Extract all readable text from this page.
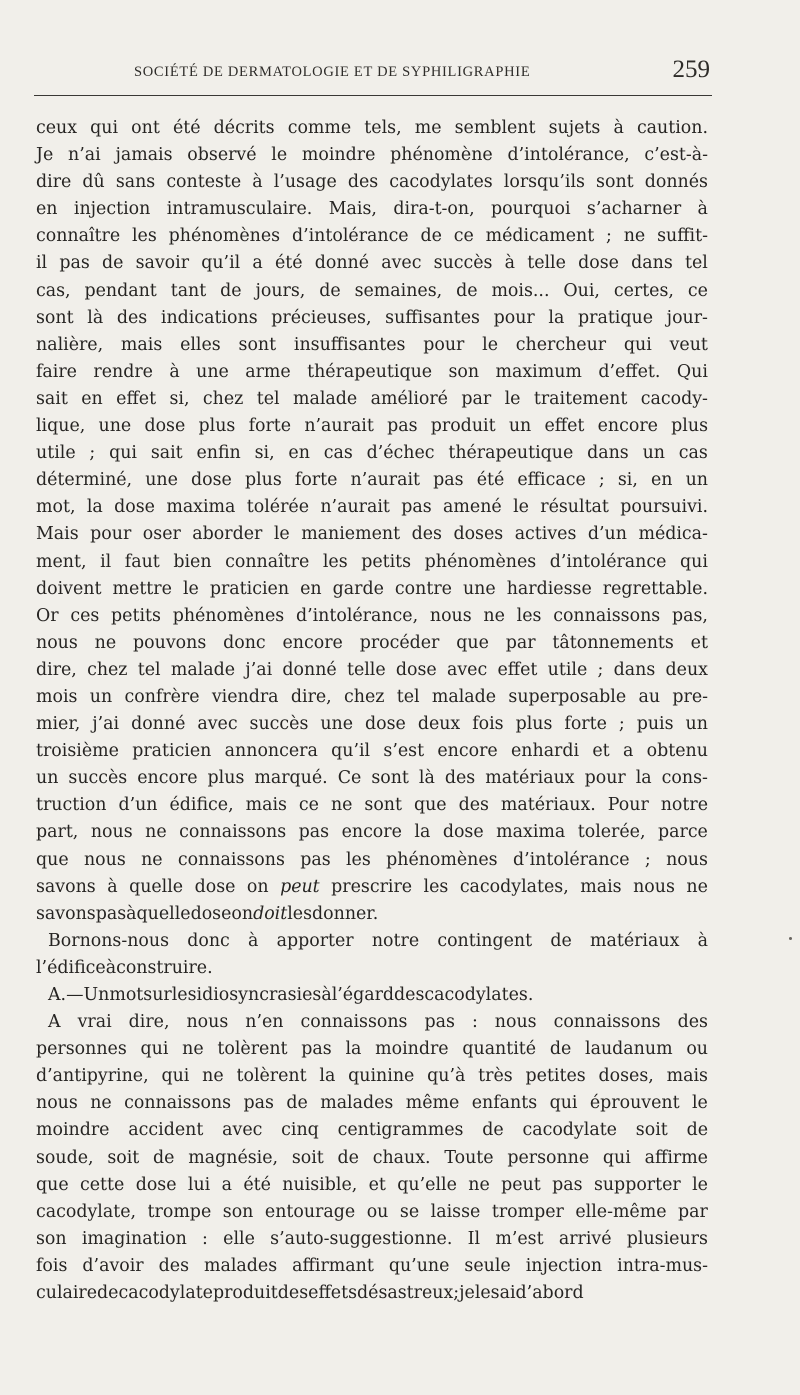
SOCIÉTÉ DE DERMATOLOGIE ET DE SYPHILIGRAPHIE	259
ceux qui ont été décrits comme tels, me semblent sujets à caution.
Je n’ai jamais observé le moindre phénomène d’intolérance, c’est-à-
dire dû sans conteste à l’usage des cacodylates lorsqu’ils sont donnés
en injection intramusculaire. Mais, dira-t-on, pourquoi s’acharner à
connaître les phénomènes d’intolérance de ce médicament ; ne suffit-
il pas de savoir qu’il a été donné avec succès à telle dose dans tel
cas, pendant tant de jours, de semaines, de mois... Oui, certes, ce
sont là des indications précieuses, suffisantes pour la pratique jour-
nalière, mais elles sont insuffisantes pour le chercheur qui veut
faire rendre à une arme thérapeutique son maximum d’effet. Qui
sait en effet si, chez tel malade amélioré par le traitement cacody-
lique, une dose plus forte n’aurait pas produit un effet encore plus
utile ; qui sait enfin si, en cas d’échec thérapeutique dans un cas
déterminé, une dose plus forte n’aurait pas été efficace ; si, en un
mot, la dose maxima tolérée n’aurait pas amené le résultat poursuivi.
Mais pour oser aborder le maniement des doses actives d’un médica-
ment, il faut bien connaître les petits phénomènes d’intolérance qui
doivent mettre le praticien en garde contre une hardiesse regrettable.
Or ces petits phénomènes d’intolérance, nous ne les connaissons pas,
nous ne pouvons donc encore procéder que par tâtonnements et
dire, chez tel malade j’ai donné telle dose avec effet utile ; dans deux
mois un confrère viendra dire, chez tel malade superposable au pre-
mier, j’ai donné avec succès une dose deux fois plus forte ; puis un
troisième praticien annoncera qu’il s’est encore enhardi et a obtenu
un succès encore plus marqué. Ce sont là des matériaux pour la cons-
truction d’un édifice, mais ce ne sont que des matériaux. Pour notre
part, nous ne connaissons pas encore la dose maxima tolerée, parce
que nous ne connaissons pas les phénomènes d’intolérance ; nous
savons à quelle dose on peut prescrire les cacodylates, mais nous ne
savons pas à quelle dose on doit les donner.
Bornons-nous donc à apporter notre contingent de matériaux à
l’édifice à construire.
A. — Un mot sur les idiosyncrasies à l’égard des cacodylates.
A vrai dire, nous n’en connaissons pas : nous connaissons des
personnes qui ne tolèrent pas la moindre quantité de laudanum ou
d’antipyrine, qui ne tolèrent la quinine qu’à très petites doses, mais
nous ne connaissons pas de malades même enfants qui éprouvent le
moindre accident avec cinq centigrammes de cacodylate soit de
soude, soit de magnésie, soit de chaux. Toute personne qui affirme
que cette dose lui a été nuisible, et qu’elle ne peut pas supporter le
cacodylate, trompe son entourage ou se laisse tromper elle-même par
son imagination : elle s’auto-suggestionne. Il m’est arrivé plusieurs
fois d’avoir des malades affirmant qu’une seule injection intra-mus-
culaire de cacodylate produit des effets désastreux ; je les ai d’abord
